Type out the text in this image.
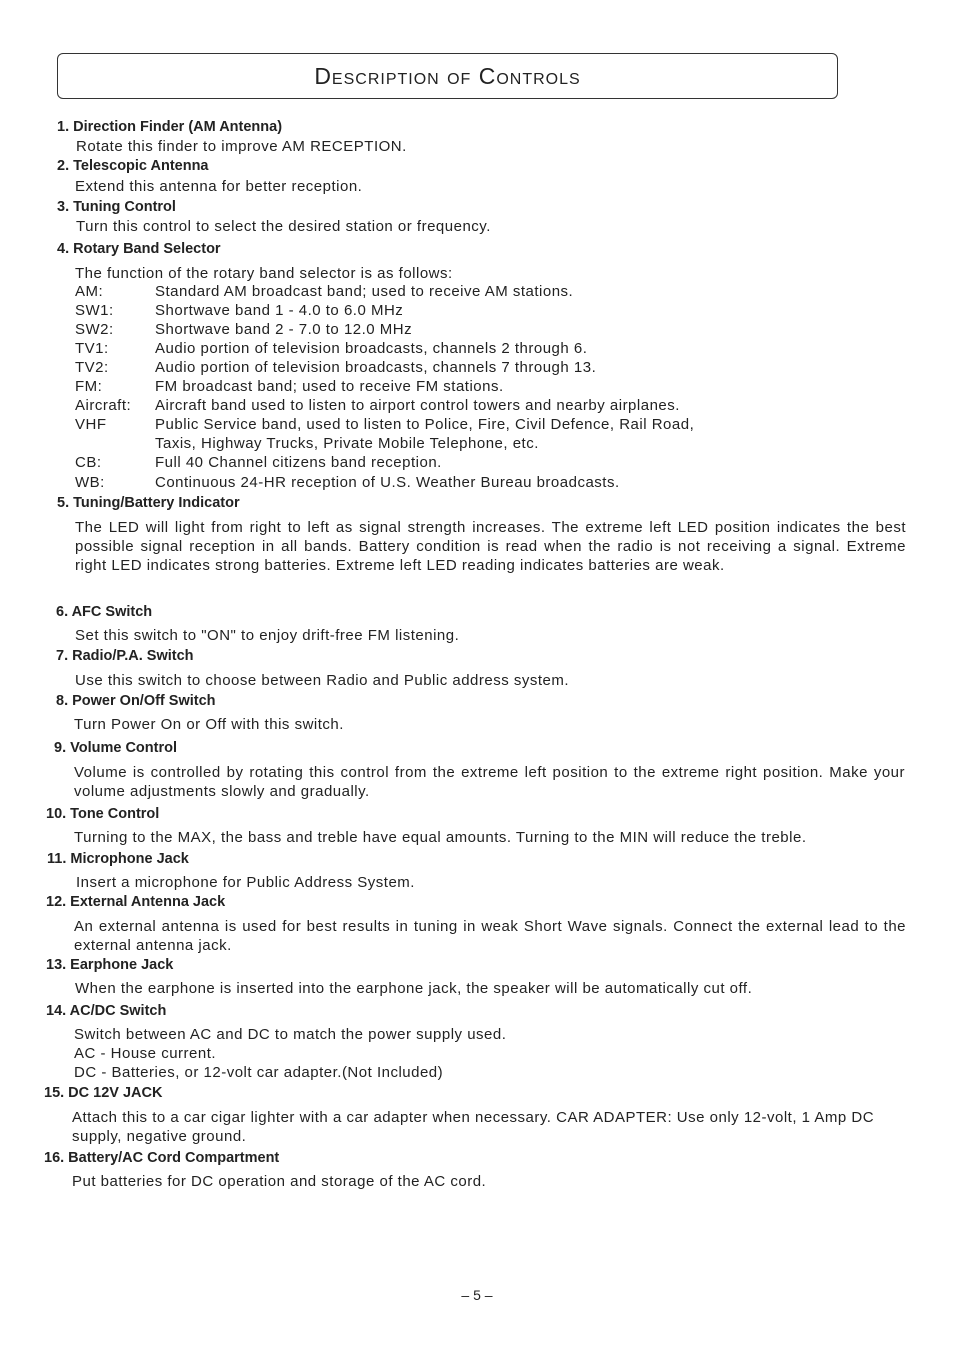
Description of Controls
1. Direction Finder (AM Antenna)
Rotate this finder to improve AM RECEPTION.
2. Telescopic Antenna
Extend this antenna for better reception.
3. Tuning Control
Turn this control to select the desired station or frequency.
4. Rotary Band Selector
The function of the rotary band selector is as follows:
AM:	Standard AM broadcast band; used to receive AM stations.
SW1:	Shortwave band 1 - 4.0 to 6.0 MHz
SW2:	Shortwave band 2 - 7.0 to 12.0 MHz
TV1:	Audio portion of television broadcasts, channels 2 through 6.
TV2:	Audio portion of television broadcasts, channels 7 through 13.
FM:	FM broadcast band; used to receive FM stations.
Aircraft: Aircraft band used to listen to airport control towers and nearby airplanes.
VHF	Public Service band, used to listen to Police, Fire, Civil Defence, Rail Road,
Taxis, Highway Trucks, Private Mobile Telephone, etc.
CB:	Full 40 Channel citizens band reception.
WB:	Continuous 24-HR reception of U.S. Weather Bureau broadcasts.
5. Tuning/Battery Indicator
The LED will light from right to left as signal strength increases. The extreme left LED position indicates the best possible signal reception in all bands. Battery condition is read when the radio is not receiving a signal. Extreme right LED indicates strong batteries. Extreme left LED reading indicates batteries are weak.
6. AFC Switch
Set this switch to "ON" to enjoy drift-free FM listening.
7. Radio/P.A. Switch
Use this switch to choose between Radio and Public address system.
8. Power On/Off Switch
Turn Power On or Off with this switch.
9. Volume Control
Volume is controlled by rotating this control from the extreme left position to the extreme right position. Make your volume adjustments slowly and gradually.
10. Tone Control
Turning to the MAX, the bass and treble have equal amounts. Turning to the MIN will reduce the treble.
11. Microphone Jack
Insert a microphone for Public Address System.
12. External Antenna Jack
An external antenna is used for best results in tuning in weak Short Wave signals. Connect the external lead to the external antenna jack.
13. Earphone Jack
When the earphone is inserted into the earphone jack, the speaker will be automatically cut off.
14. AC/DC Switch
Switch between AC and DC to match the power supply used.
AC - House current.
DC - Batteries, or 12-volt car adapter.(Not Included)
15. DC 12V JACK
Attach this to a car cigar lighter with a car adapter when necessary. CAR ADAPTER: Use only 12-volt, 1 Amp DC supply, negative ground.
16. Battery/AC Cord Compartment
Put batteries for DC operation and storage of the AC cord.
– 5 –
